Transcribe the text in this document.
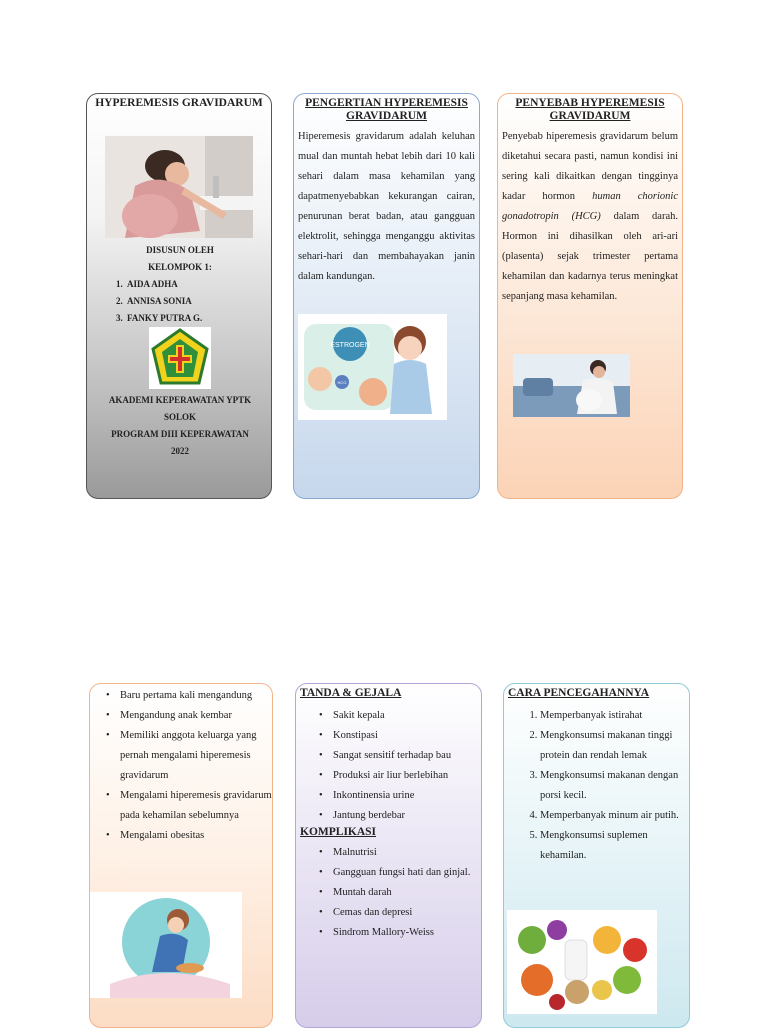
HYPEREMESIS GRAVIDARUM
DISUSUN OLEH
KELOMPOK 1:
1. AIDA ADHA
2. ANNISA SONIA
3. FANKY PUTRA G.
AKADEMI KEPERAWATAN YPTK
SOLOK
PROGRAM DIII KEPERAWATAN
2022
PENGERTIAN HYPEREMESIS GRAVIDARUM
Hiperemesis gravidarum adalah keluhan mual dan muntah hebat lebih dari 10 kali sehari dalam masa kehamilan yang dapatmenyebabkan kekurangan cairan, penurunan berat badan, atau gangguan elektrolit, sehingga menganggu aktivitas sehari-hari dan membahayakan janin dalam kandungan.
ESTROGEN
HCG
PENYEBAB HYPEREMESIS GRAVIDARUM
Penyebab hiperemesis gravidarum belum diketahui secara pasti, namun kondisi ini sering kali dikaitkan dengan tingginya kadar hormon human chorionic gonadotropin (HCG) dalam darah. Hormon ini dihasilkan oleh ari-ari (plasenta) sejak trimester pertama kehamilan dan kadarnya terus meningkat sepanjang masa kehamilan.
• Baru pertama kali mengandung
• Mengandung anak kembar
• Memiliki anggota keluarga yang pernah mengalami hiperemesis gravidarum
• Mengalami hiperemesis gravidarum pada kehamilan sebelumnya
• Mengalami obesitas
TANDA & GEJALA
• Sakit kepala
• Konstipasi
• Sangat sensitif terhadap bau
• Produksi air liur berlebihan
• Inkontinensia urine
• Jantung berdebar
KOMPLIKASI
• Malnutrisi
• Gangguan fungsi hati dan ginjal.
• Muntah darah
• Cemas dan depresi
• Sindrom Mallory-Weiss
CARA PENCEGAHANNYA
1. Memperbanyak istirahat
2. Mengkonsumsi makanan tinggi protein dan rendah lemak
3. Mengkonsumsi makanan dengan porsi kecil.
4. Memperbanyak minum air putih.
5. Mengkonsumsi suplemen kehamilan.
